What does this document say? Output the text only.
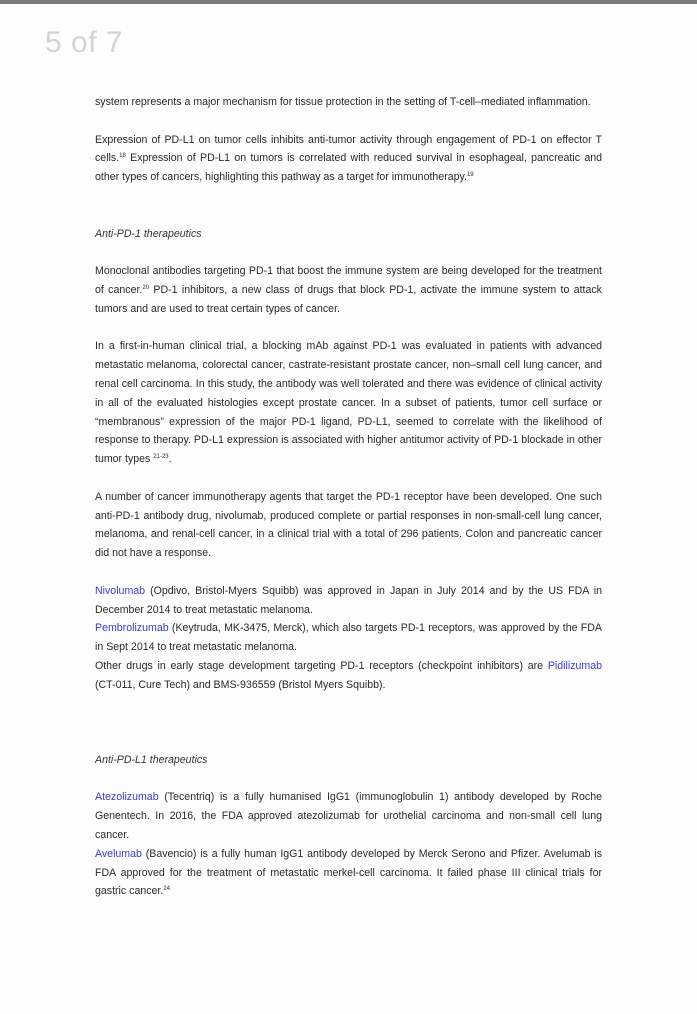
5 of 7

system represents a major mechanism for tissue protection in the setting of T-cell–mediated inflammation.

Expression of PD-L1 on tumor cells inhibits anti-tumor activity through engagement of PD-1 on effector T cells.$^{18}$ Expression of PD-L1 on tumors is correlated with reduced survival in esophageal, pancreatic and other types of cancers, highlighting this pathway as a target for immunotherapy.$^{19}$

Anti-PD-1 therapeutics

Monoclonal antibodies targeting PD-1 that boost the immune system are being developed for the treatment of cancer.$^{20}$ PD-1 inhibitors, a new class of drugs that block PD-1, activate the immune system to attack tumors and are used to treat certain types of cancer.

In a first-in-human clinical trial, a blocking mAb against PD-1 was evaluated in patients with advanced metastatic melanoma, colorectal cancer, castrate-resistant prostate cancer, non–small cell lung cancer, and renal cell carcinoma. In this study, the antibody was well tolerated and there was evidence of clinical activity in all of the evaluated histologies except prostate cancer. In a subset of patients, tumor cell surface or “membranous” expression of the major PD-1 ligand, PD-L1, seemed to correlate with the likelihood of response to therapy. PD-L1 expression is associated with higher antitumor activity of PD-1 blockade in other tumor types $^{21-23}$.

A number of cancer immunotherapy agents that target the PD-1 receptor have been developed. One such anti-PD-1 antibody drug, nivolumab, produced complete or partial responses in non-small-cell lung cancer, melanoma, and renal-cell cancer, in a clinical trial with a total of 296 patients. Colon and pancreatic cancer did not have a response.

Nivolumab (Opdivo, Bristol-Myers Squibb) was approved in Japan in July 2014 and by the US FDA in December 2014 to treat metastatic melanoma.

Pembrolizumab (Keytruda, MK-3475, Merck), which also targets PD-1 receptors, was approved by the FDA in Sept 2014 to treat metastatic melanoma.

Other drugs in early stage development targeting PD-1 receptors (checkpoint inhibitors) are Pidilizumab (CT-011, Cure Tech) and BMS-936559 (Bristol Myers Squibb).

Anti-PD-L1 therapeutics

Atezolizumab (Tecentriq) is a fully humanised IgG1 (immunoglobulin 1) antibody developed by Roche Genentech. In 2016, the FDA approved atezolizumab for urothelial carcinoma and non-small cell lung cancer.

Avelumab (Bavencio) is a fully human IgG1 antibody developed by Merck Serono and Pfizer. Avelumab is FDA approved for the treatment of metastatic merkel-cell carcinoma. It failed phase III clinical trials for gastric cancer.$^{24}$
